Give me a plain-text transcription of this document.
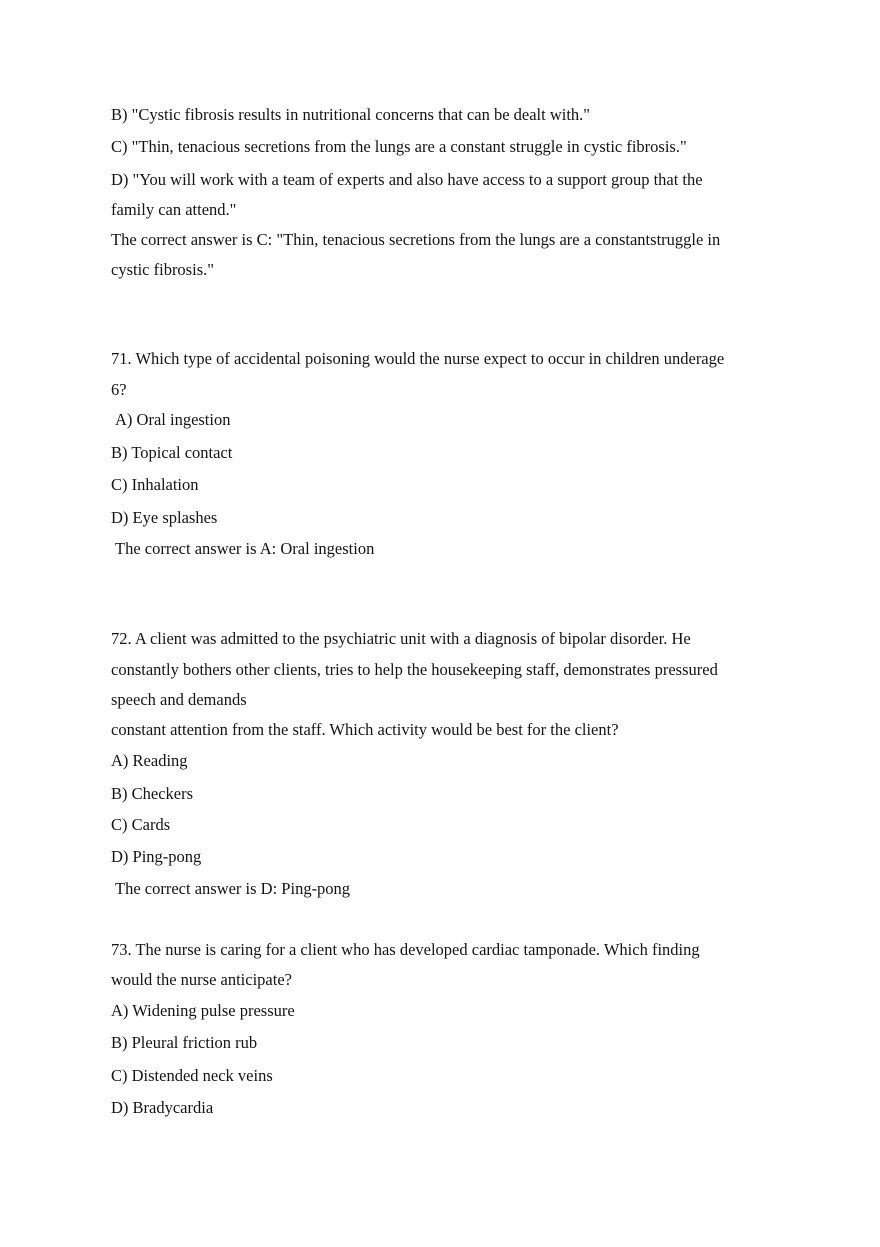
B) "Cystic fibrosis results in nutritional concerns that can be dealt with."
C) "Thin, tenacious secretions from the lungs are a constant struggle in cystic fibrosis."
D) "You will work with a team of experts and also have access to a support group that the
family can attend."
The correct answer is C: "Thin, tenacious secretions from the lungs are a constantstruggle in
cystic fibrosis."
71. Which type of accidental poisoning would the nurse expect to occur in children underage
6?
A) Oral ingestion
B) Topical contact
C) Inhalation
D) Eye splashes
The correct answer is A: Oral ingestion
72. A client was admitted to the psychiatric unit with a diagnosis of bipolar disorder. He
constantly bothers other clients, tries to help the housekeeping staff, demonstrates pressured
speech and demands
constant attention from the staff. Which activity would be best for the client?
A) Reading
B) Checkers
C) Cards
D) Ping-pong
The correct answer is D: Ping-pong
73. The nurse is caring for a client who has developed cardiac tamponade. Which finding
would the nurse anticipate?
A) Widening pulse pressure
B) Pleural friction rub
C) Distended neck veins
D) Bradycardia
